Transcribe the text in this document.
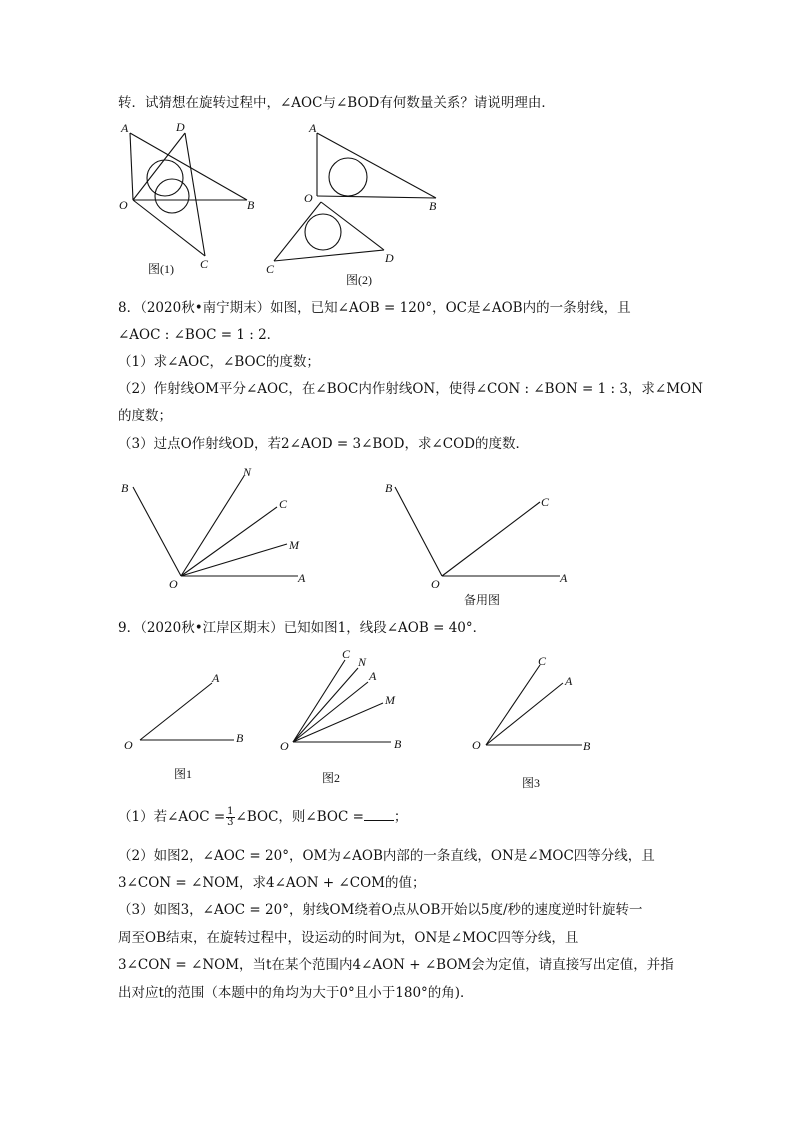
转．试猜想在旋转过程中，∠AOC与∠BOD有何数量关系？请说明理由．
A	D
O	B
C
图(1)
A
O
B
C
D
图(2)
8．（2020秋•南宁期末）如图，已知∠AOB = 120°，OC是∠AOB内的一条射线，且
∠AOC : ∠BOC = 1 : 2．
（1）求∠AOC，∠BOC的度数；
（2）作射线OM平分∠AOC，在∠BOC内作射线ON，使得∠CON : ∠BON = 1 : 3，求∠MON
的度数；
（3）过点O作射线OD，若2∠AOD = 3∠BOD，求∠COD的度数．
B
N
C
M
O	A
B
C
O	A
备用图
9．（2020秋•江岸区期末）已知如图1，线段∠AOB = 40°．
A
O	B
图1
C
N
A
M
O	B
图2
C
A
O	B
图3
（1）若∠AOC = $\frac{1}{3}$ ∠BOC，则∠BOC = ；
（2）如图2，∠AOC = 20°，OM为∠AOB内部的一条直线，ON是∠MOC四等分线，且
3∠CON = ∠NOM，求4∠AON + ∠COM的值；
（3）如图3，∠AOC = 20°，射线OM绕着O点从OB开始以5度/秒的速度逆时针旋转一
周至OB结束，在旋转过程中，设运动的时间为t，ON是∠MOC四等分线，且
3∠CON = ∠NOM，当t在某个范围内4∠AON + ∠BOM会为定值，请直接写出定值，并指
出对应t的范围（本题中的角均为大于0°且小于180°的角)．
